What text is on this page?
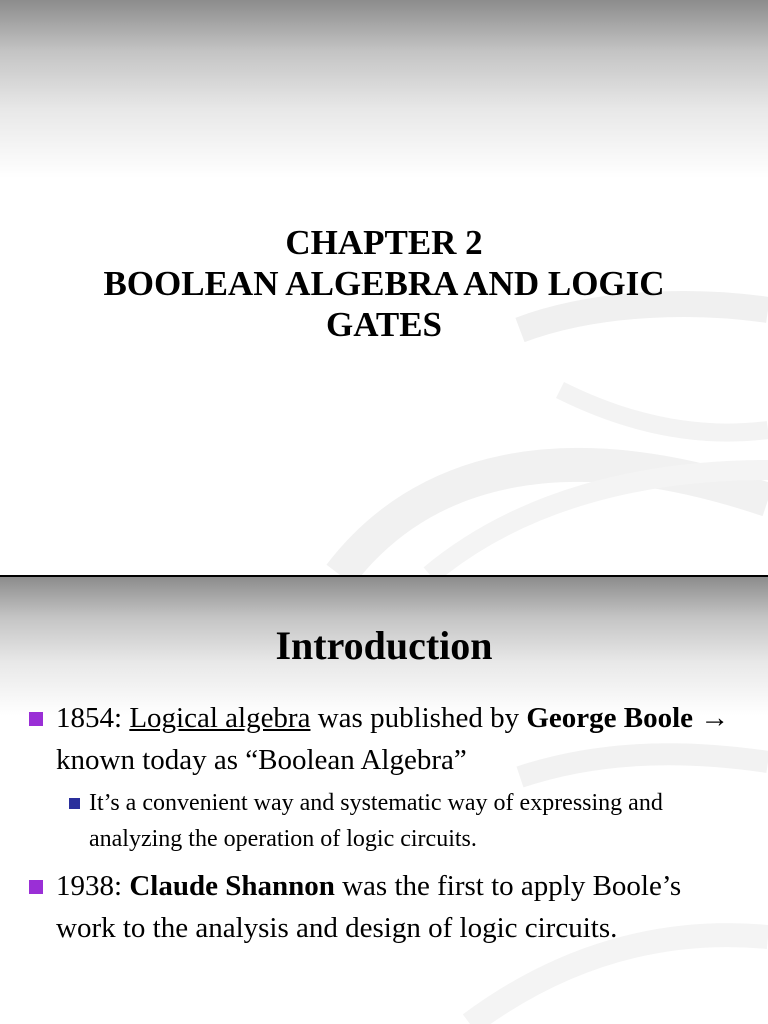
CHAPTER 2
BOOLEAN ALGEBRA AND LOGIC
GATES
Introduction
1854: Logical algebra was published by George Boole → known today as “Boolean Algebra”
It’s a convenient way and systematic way of expressing and analyzing the operation of logic circuits.
1938: Claude Shannon was the first to apply Boole’s work to the analysis and design of logic circuits.
